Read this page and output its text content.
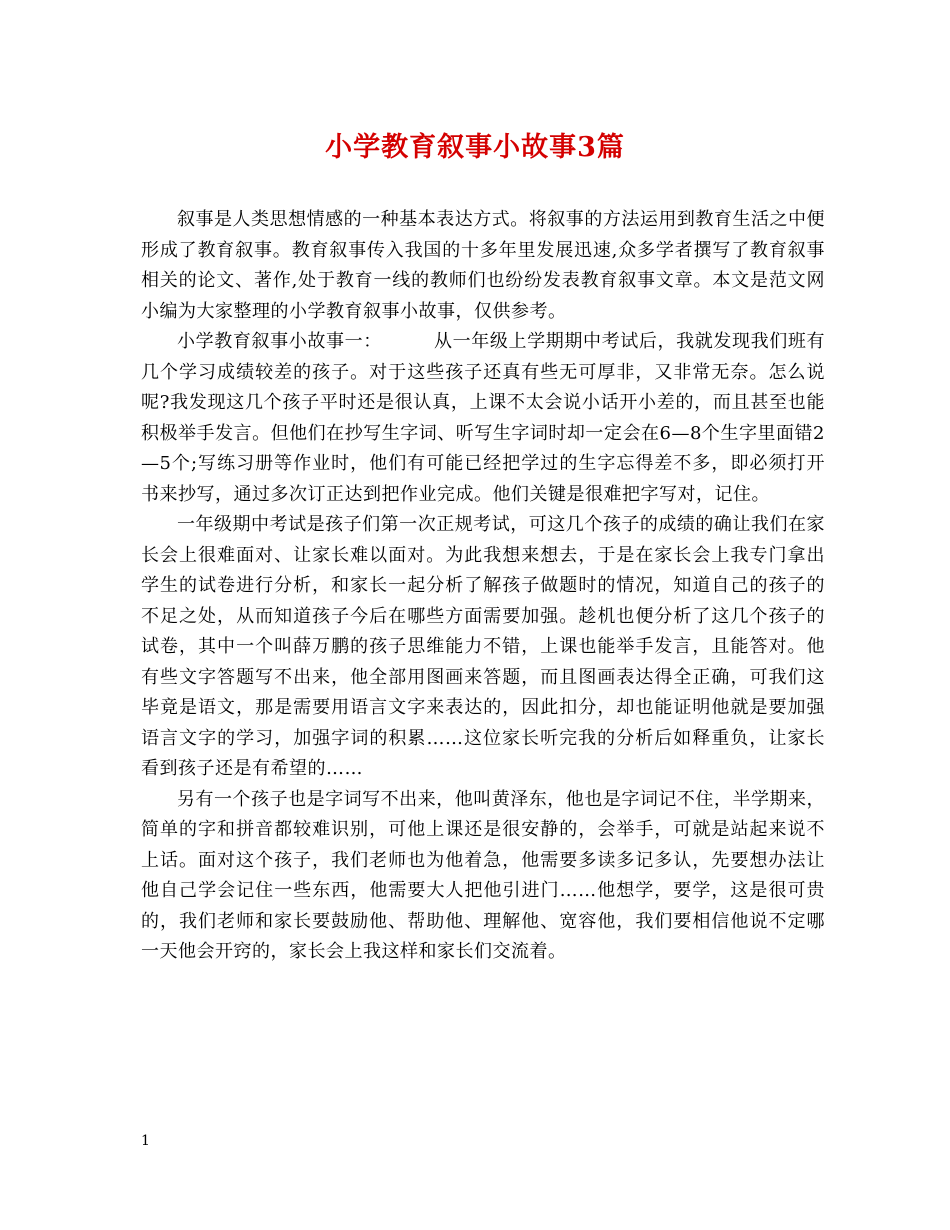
小学教育叙事小故事3篇

叙事是人类思想情感的一种基本表达方式。将叙事的方法运用到教育生活之中便形成了教育叙事。教育叙事传入我国的十多年里发展迅速,众多学者撰写了教育叙事相关的论文、著作,处于教育一线的教师们也纷纷发表教育叙事文章。本文是范文网小编为大家整理的小学教育叙事小故事，仅供参考。

小学教育叙事小故事一：	从一年级上学期期中考试后，我就发现我们班有几个学习成绩较差的孩子。对于这些孩子还真有些无可厚非，又非常无奈。怎么说呢?我发现这几个孩子平时还是很认真，上课不太会说小话开小差的，而且甚至也能积极举手发言。但他们在抄写生字词、听写生字词时却一定会在6—8个生字里面错2—5个;写练习册等作业时，他们有可能已经把学过的生字忘得差不多，即必须打开书来抄写，通过多次订正达到把作业完成。他们关键是很难把字写对，记住。

一年级期中考试是孩子们第一次正规考试，可这几个孩子的成绩的确让我们在家长会上很难面对、让家长难以面对。为此我想来想去，于是在家长会上我专门拿出学生的试卷进行分析，和家长一起分析了解孩子做题时的情况，知道自己的孩子的不足之处，从而知道孩子今后在哪些方面需要加强。趁机也便分析了这几个孩子的试卷，其中一个叫薛万鹏的孩子思维能力不错，上课也能举手发言，且能答对。他有些文字答题写不出来，他全部用图画来答题，而且图画表达得全正确，可我们这毕竟是语文，那是需要用语言文字来表达的，因此扣分，却也能证明他就是要加强语言文字的学习，加强字词的积累……这位家长听完我的分析后如释重负，让家长看到孩子还是有希望的……

另有一个孩子也是字词写不出来，他叫黄泽东，他也是字词记不住，半学期来，简单的字和拼音都较难识别，可他上课还是很安静的，会举手，可就是站起来说不上话。面对这个孩子，我们老师也为他着急，他需要多读多记多认，先要想办法让他自己学会记住一些东西，他需要大人把他引进门……他想学，要学，这是很可贵的，我们老师和家长要鼓励他、帮助他、理解他、宽容他，我们要相信他说不定哪一天他会开窍的，家长会上我这样和家长们交流着。

1
